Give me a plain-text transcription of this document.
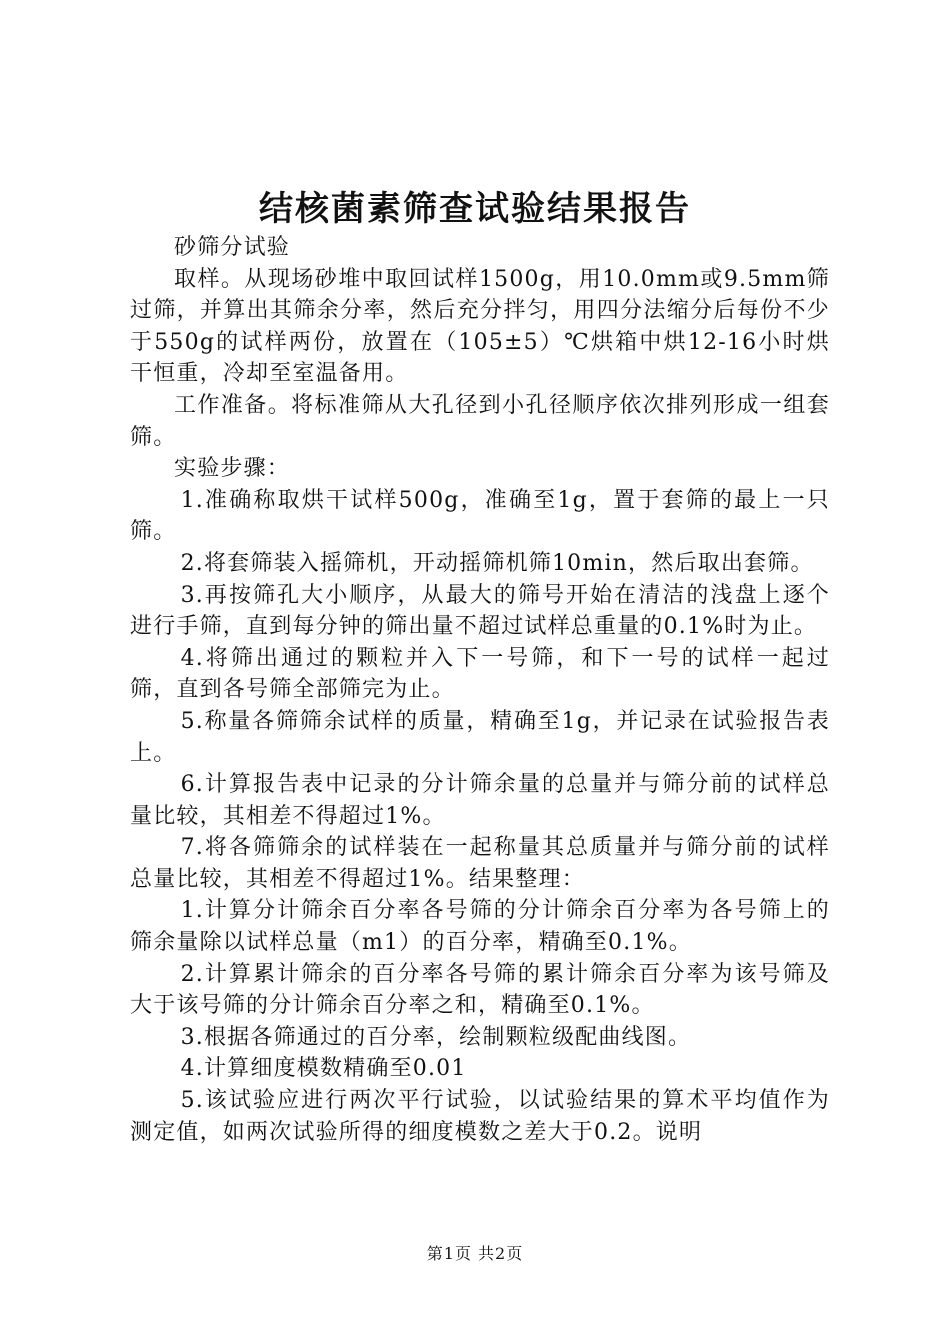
结核菌素筛查试验结果报告

砂筛分试验

取样。从现场砂堆中取回试样1500g，用10.0mm或9.5mm筛过筛，并算出其筛余分率，然后充分拌匀，用四分法缩分后每份不少于550g的试样两份，放置在（105±5）℃烘箱中烘12-16小时烘干恒重，冷却至室温备用。

工作准备。将标准筛从大孔径到小孔径顺序依次排列形成一组套筛。

实验步骤：

1.准确称取烘干试样500g，准确至1g，置于套筛的最上一只筛。

2.将套筛装入摇筛机，开动摇筛机筛10min，然后取出套筛。

3.再按筛孔大小顺序，从最大的筛号开始在清洁的浅盘上逐个进行手筛，直到每分钟的筛出量不超过试样总重量的0.1%时为止。

4.将筛出通过的颗粒并入下一号筛，和下一号的试样一起过筛，直到各号筛全部筛完为止。

5.称量各筛筛余试样的质量，精确至1g，并记录在试验报告表上。

6.计算报告表中记录的分计筛余量的总量并与筛分前的试样总量比较，其相差不得超过1%。

7.将各筛筛余的试样装在一起称量其总质量并与筛分前的试样总量比较，其相差不得超过1%。结果整理：

1.计算分计筛余百分率各号筛的分计筛余百分率为各号筛上的筛余量除以试样总量（m1）的百分率，精确至0.1%。

2.计算累计筛余的百分率各号筛的累计筛余百分率为该号筛及大于该号筛的分计筛余百分率之和，精确至0.1%。

3.根据各筛通过的百分率，绘制颗粒级配曲线图。

4.计算细度模数精确至0.01

5.该试验应进行两次平行试验，以试验结果的算术平均值作为测定值，如两次试验所得的细度模数之差大于0.2。说明

第1页 共2页
